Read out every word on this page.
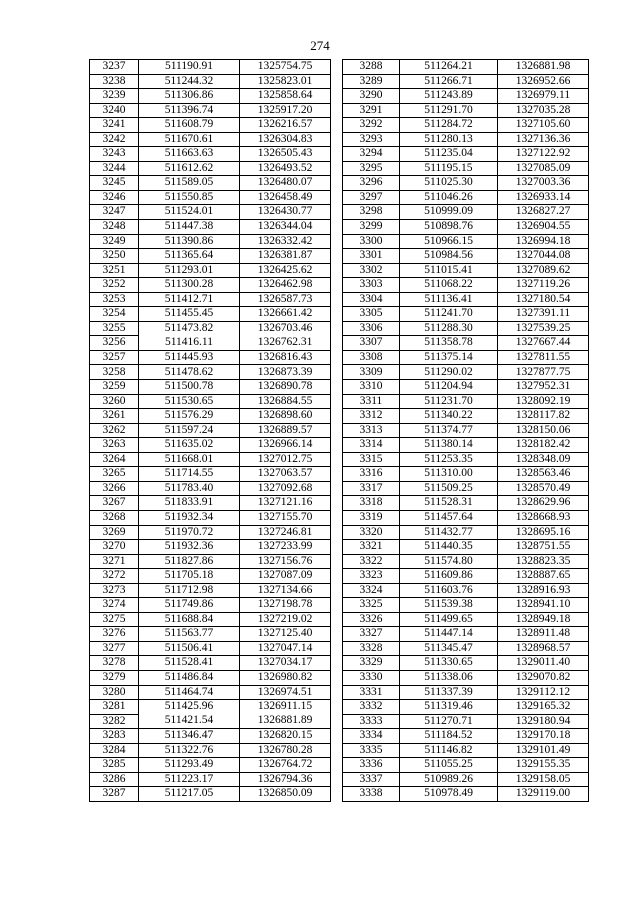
274
3237	511190.91	1325754.75
3238	511244.32	1325823.01
3239	511306.86	1325858.64
3240	511396.74	1325917.20
3241	511608.79	1326216.57
3242	511670.61	1326304.83
3243	511663.63	1326505.43
3244	511612.62	1326493.52
3245	511589.05	1326480.07
3246	511550.85	1326458.49
3247	511524.01	1326430.77
3248	511447.38	1326344.04
3249	511390.86	1326332.42
3250	511365.64	1326381.87
3251	511293.01	1326425.62
3252	511300.28	1326462.98
3253	511412.71	1326587.73
3254	511455.45	1326661.42
3255	511473.82	1326703.46
3256	511416.11	1326762.31
3257	511445.93	1326816.43
3258	511478.62	1326873.39
3259	511500.78	1326890.78
3260	511530.65	1326884.55
3261	511576.29	1326898.60
3262	511597.24	1326889.57
3263	511635.02	1326966.14
3264	511668.01	1327012.75
3265	511714.55	1327063.57
3266	511783.40	1327092.68
3267	511833.91	1327121.16
3268	511932.34	1327155.70
3269	511970.72	1327246.81
3270	511932.36	1327233.99
3271	511827.86	1327156.76
3272	511705.18	1327087.09
3273	511712.98	1327134.66
3274	511749.86	1327198.78
3275	511688.84	1327219.02
3276	511563.77	1327125.40
3277	511506.41	1327047.14
3278	511528.41	1327034.17
3279	511486.84	1326980.82
3280	511464.74	1326974.51
3281	511425.96	1326911.15
3282	511421.54	1326881.89
3283	511346.47	1326820.15
3284	511322.76	1326780.28
3285	511293.49	1326764.72
3286	511223.17	1326794.36
3287	511217.05	1326850.09
3288	511264.21	1326881.98
3289	511266.71	1326952.66
3290	511243.89	1326979.11
3291	511291.70	1327035.28
3292	511284.72	1327105.60
3293	511280.13	1327136.36
3294	511235.04	1327122.92
3295	511195.15	1327085.09
3296	511025.30	1327003.36
3297	511046.26	1326933.14
3298	510999.09	1326827.27
3299	510898.76	1326904.55
3300	510966.15	1326994.18
3301	510984.56	1327044.08
3302	511015.41	1327089.62
3303	511068.22	1327119.26
3304	511136.41	1327180.54
3305	511241.70	1327391.11
3306	511288.30	1327539.25
3307	511358.78	1327667.44
3308	511375.14	1327811.55
3309	511290.02	1327877.75
3310	511204.94	1327952.31
3311	511231.70	1328092.19
3312	511340.22	1328117.82
3313	511374.77	1328150.06
3314	511380.14	1328182.42
3315	511253.35	1328348.09
3316	511310.00	1328563.46
3317	511509.25	1328570.49
3318	511528.31	1328629.96
3319	511457.64	1328668.93
3320	511432.77	1328695.16
3321	511440.35	1328751.55
3322	511574.80	1328823.35
3323	511609.86	1328887.65
3324	511603.76	1328916.93
3325	511539.38	1328941.10
3326	511499.65	1328949.18
3327	511447.14	1328911.48
3328	511345.47	1328968.57
3329	511330.65	1329011.40
3330	511338.06	1329070.82
3331	511337.39	1329112.12
3332	511319.46	1329165.32
3333	511270.71	1329180.94
3334	511184.52	1329170.18
3335	511146.82	1329101.49
3336	511055.25	1329155.35
3337	510989.26	1329158.05
3338	510978.49	1329119.00
